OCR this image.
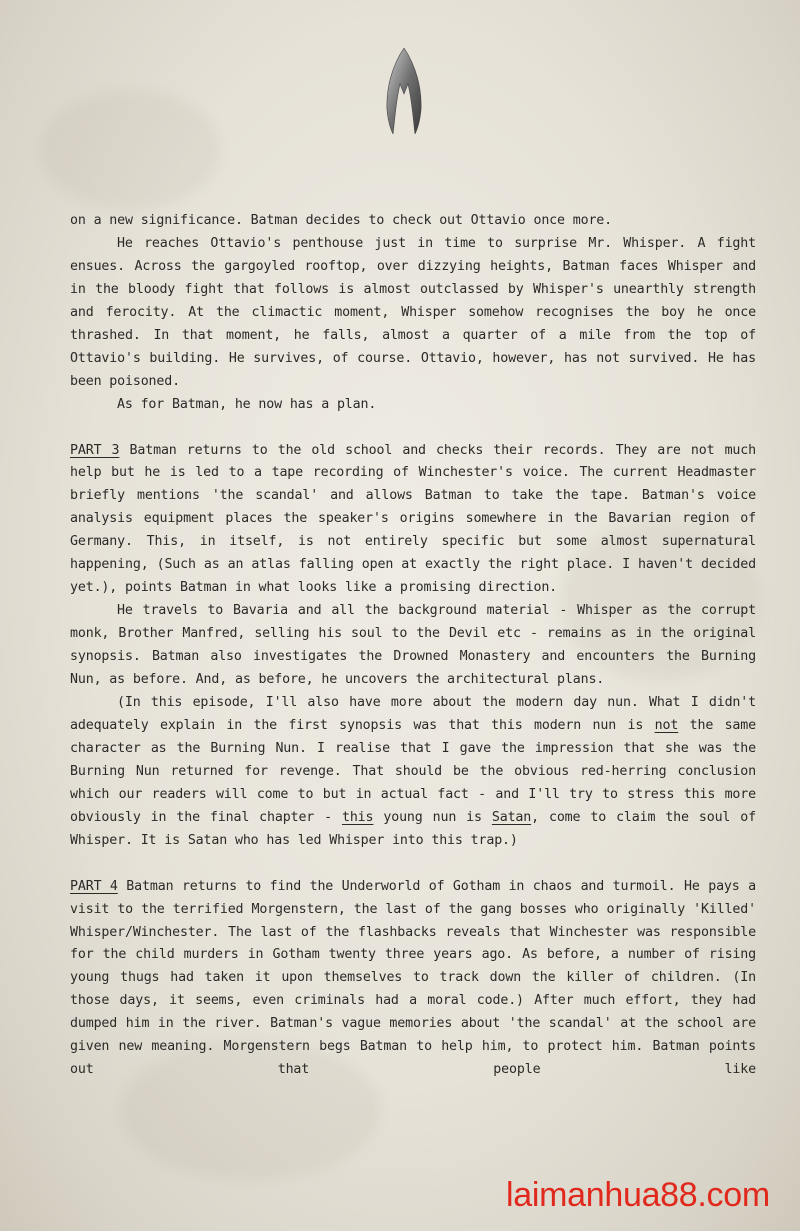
on a new significance. Batman decides to check out Ottavio once more.

He reaches Ottavio's penthouse just in time to surprise Mr. Whisper. A fight ensues. Across the gargoyled rooftop, over dizzying heights, Batman faces Whisper and in the bloody fight that follows is almost outclassed by Whisper's unearthly strength and ferocity. At the climactic moment, Whisper somehow recognises the boy he once thrashed. In that moment, he falls, almost a quarter of a mile from the top of Ottavio's building. He survives, of course. Ottavio, however, has not survived. He has been poisoned.

As for Batman, he now has a plan.

PART 3 Batman returns to the old school and checks their records. They are not much help but he is led to a tape recording of Winchester's voice. The current Headmaster briefly mentions 'the scandal' and allows Batman to take the tape. Batman's voice analysis equipment places the speaker's origins somewhere in the Bavarian region of Germany. This, in itself, is not entirely specific but some almost supernatural happening, (Such as an atlas falling open at exactly the right place. I haven't decided yet.), points Batman in what looks like a promising direction.

He travels to Bavaria and all the background material - Whisper as the corrupt monk, Brother Manfred, selling his soul to the Devil etc - remains as in the original synopsis. Batman also investigates the Drowned Monastery and encounters the Burning Nun, as before. And, as before, he uncovers the architectural plans.

(In this episode, I'll also have more about the modern day nun. What I didn't adequately explain in the first synopsis was that this modern nun is not the same character as the Burning Nun. I realise that I gave the impression that she was the Burning Nun returned for revenge. That should be the obvious red-herring conclusion which our readers will come to but in actual fact - and I'll try to stress this more obviously in the final chapter - this young nun is Satan, come to claim the soul of Whisper. It is Satan who has led Whisper into this trap.)

PART 4 Batman returns to find the Underworld of Gotham in chaos and turmoil. He pays a visit to the terrified Morgenstern, the last of the gang bosses who originally 'Killed' Whisper/Winchester. The last of the flashbacks reveals that Winchester was responsible for the child murders in Gotham twenty three years ago. As before, a number of rising young thugs had taken it upon themselves to track down the killer of children. (In those days, it seems, even criminals had a moral code.) After much effort, they had dumped him in the river. Batman's vague memories about 'the scandal' at the school are given new meaning. Morgenstern begs Batman to help him, to protect him. Batman points out that people like

laimanhua88.com
